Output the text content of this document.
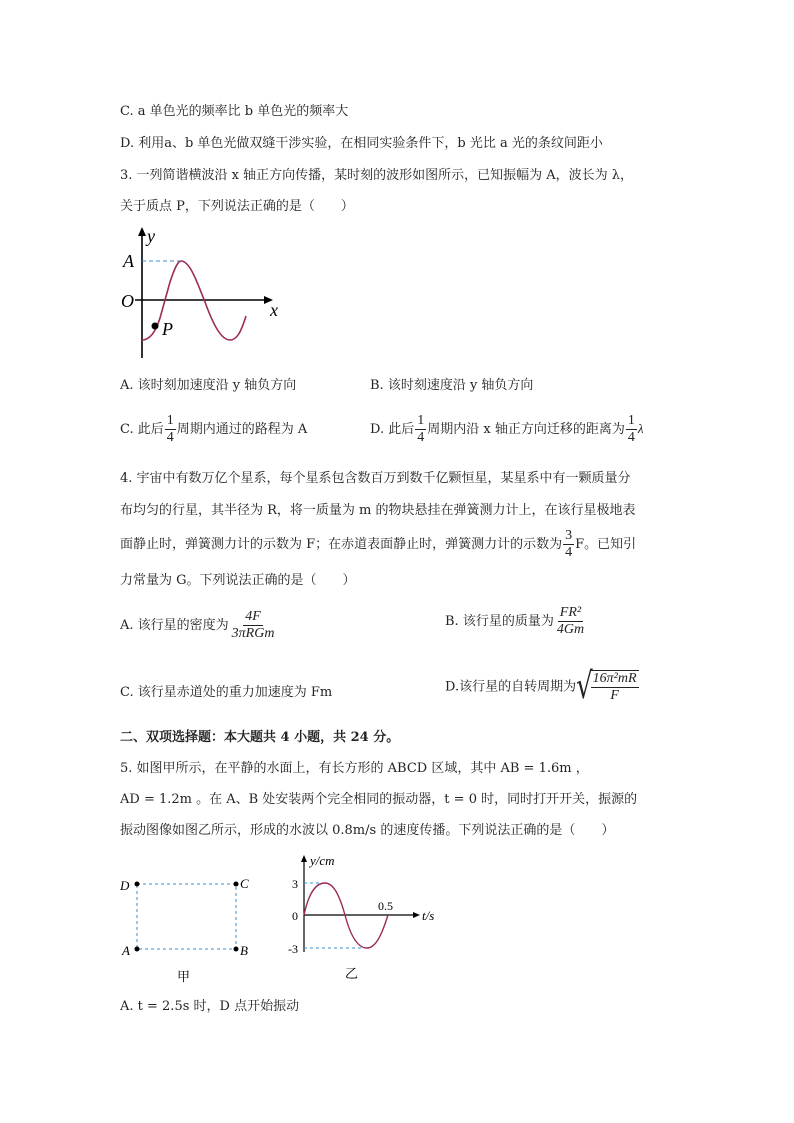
C. a 单色光的频率比 b 单色光的频率大
D. 利用a、b 单色光做双缝干涉实验，在相同实验条件下，b 光比 a 光的条纹间距小
3. 一列简谐横波沿 x 轴正方向传播，某时刻的波形如图所示，已知振幅为 A，波长为 λ，
关于质点 P，下列说法正确的是（　　）
y
A
O	x
P
A. 该时刻加速度沿 y 轴负方向	B. 该时刻速度沿 y 轴负方向
C. 此后 $\frac{1}{4}$ 周期内通过的路程为 A	D. 此后 $\frac{1}{4}$ 周期内沿 x 轴正方向迁移的距离为 $\frac{1}{4}$ λ
4. 宇宙中有数万亿个星系，每个星系包含数百万到数千亿颗恒星，某星系中有一颗质量分
布均匀的行星，其半径为 R，将一质量为 m 的物块悬挂在弹簧测力计上，在该行星极地表
面静止时，弹簧测力计的示数为 F；在赤道表面静止时，弹簧测力计的示数为 $\frac{3}{4}$ F。已知引
力常量为 G。下列说法正确的是（　　）
A. 该行星的密度为 $\frac{4F}{\text{3πRGm}}$	B. 该行星的质量为 $\frac{\text{FR²}}{4Gm}$
C. 该行星赤道处的重力加速度为 Fm	D.该行星的自转周期为 √
$\frac{\text{16π²mR}}{F}$
二、双项选择题：本大题共 4 小题，共 24 分。
5. 如图甲所示，在平静的水面上，有长方形的 ABCD 区域，其中 AB = 1.6m ，
AD = 1.2m 。在 A、B 处安装两个完全相同的振动器，t = 0 时，同时打开开关，振源的
振动图像如图乙所示，形成的水波以 0.8m/s 的速度传播。下列说法正确的是（　　）
D	C
A	B
甲
y/cm
t/s
3
0
-3
0.5
乙
A. t = 2.5s 时，D 点开始振动
